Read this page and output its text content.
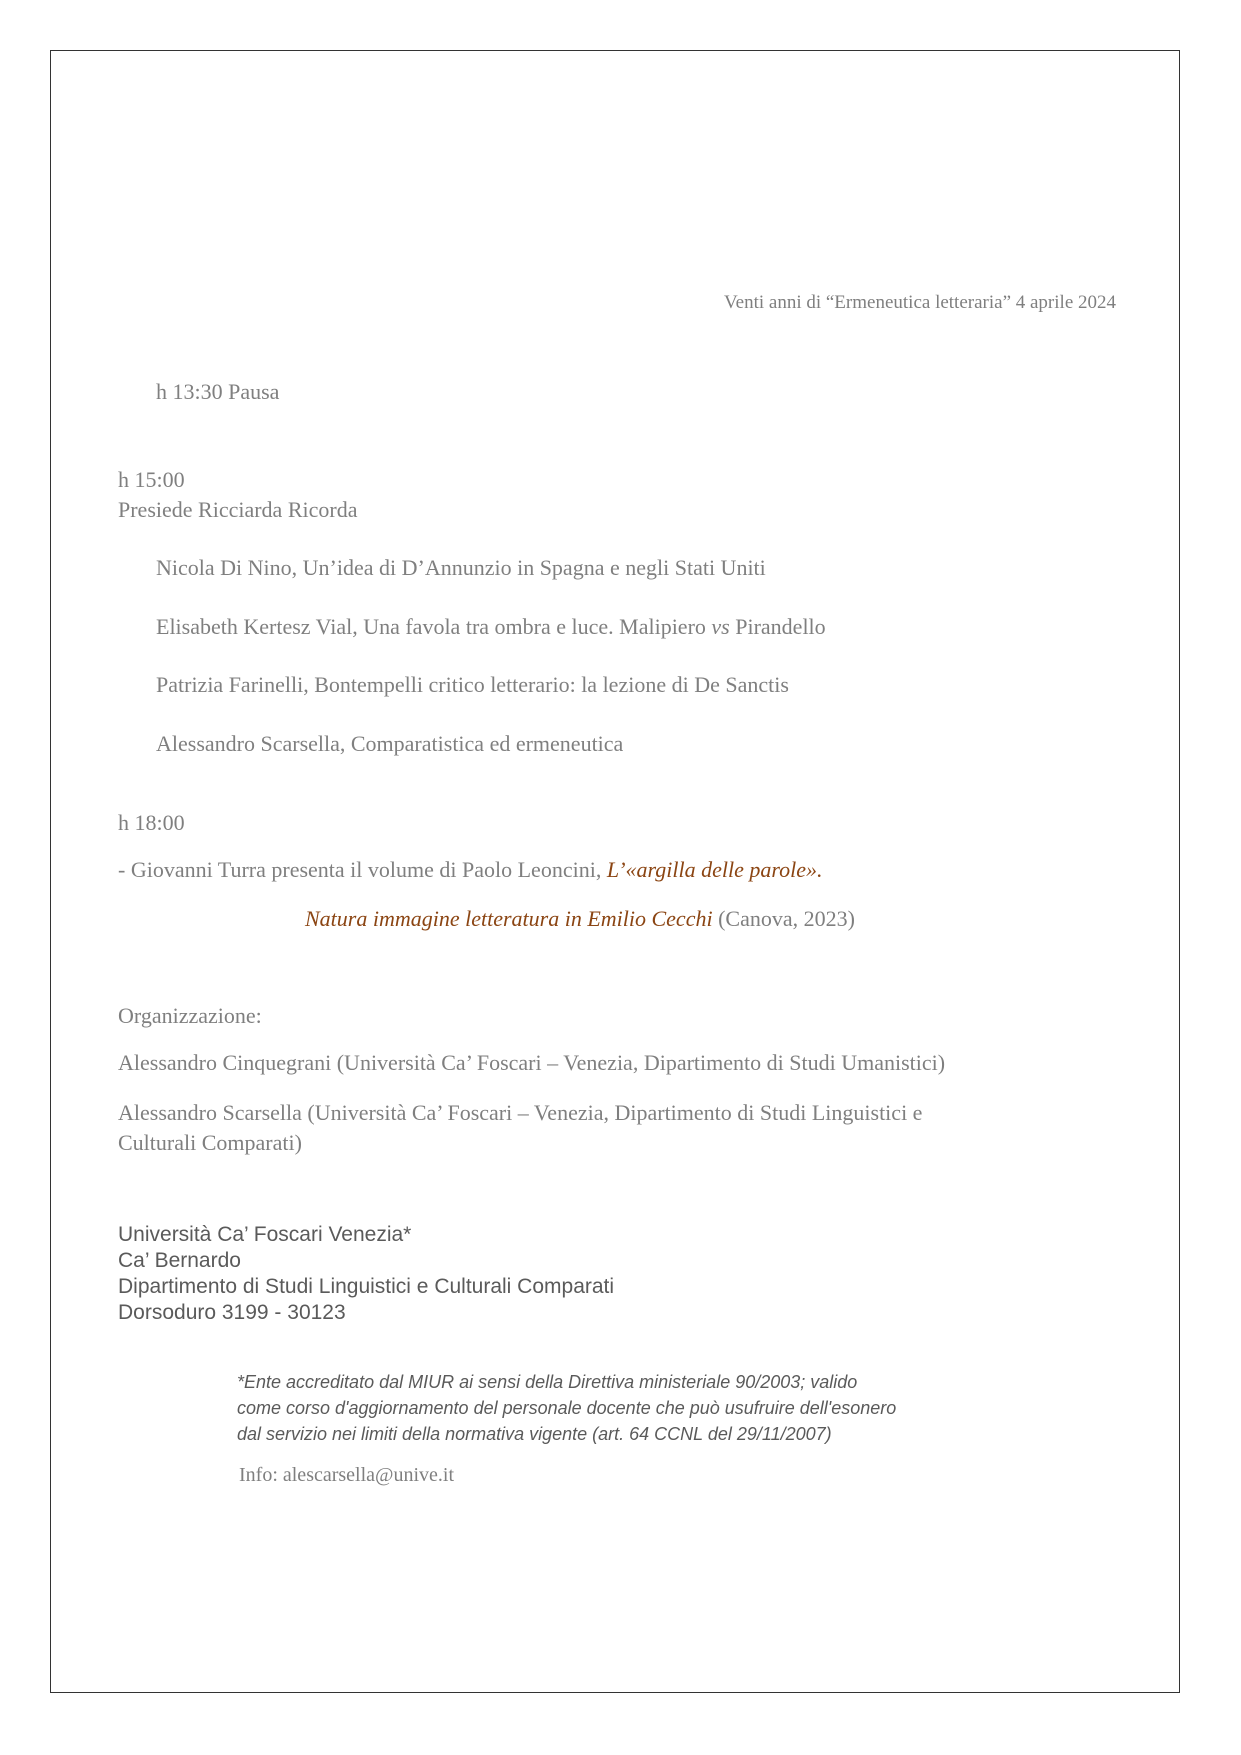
Venti anni di “Ermeneutica letteraria” 4 aprile 2024
h 13:30 Pausa
h 15:00
Presiede Ricciarda Ricorda
Nicola Di Nino, Un’idea di D’Annunzio in Spagna e negli Stati Uniti
Elisabeth Kertesz Vial, Una favola tra ombra e luce. Malipiero vs Pirandello
Patrizia Farinelli, Bontempelli critico letterario: la lezione di De Sanctis
Alessandro Scarsella, Comparatistica ed ermeneutica
h 18:00
- Giovanni Turra presenta il volume di Paolo Leoncini, L’«argilla delle parole».
Natura immagine letteratura in Emilio Cecchi (Canova, 2023)
Organizzazione:
Alessandro Cinquegrani (Università Ca’ Foscari – Venezia, Dipartimento di Studi Umanistici)
Alessandro Scarsella (Università Ca’ Foscari – Venezia, Dipartimento di Studi Linguistici e
Culturali Comparati)
Università Ca’ Foscari Venezia*
Ca’ Bernardo
Dipartimento di Studi Linguistici e Culturali Comparati
Dorsoduro 3199 - 30123
*Ente accreditato dal MIUR ai sensi della Direttiva ministeriale 90/2003; valido
come corso d'aggiornamento del personale docente che può usufruire dell'esonero
dal servizio nei limiti della normativa vigente (art. 64 CCNL del 29/11/2007)
Info: alescarsella@unive.it
